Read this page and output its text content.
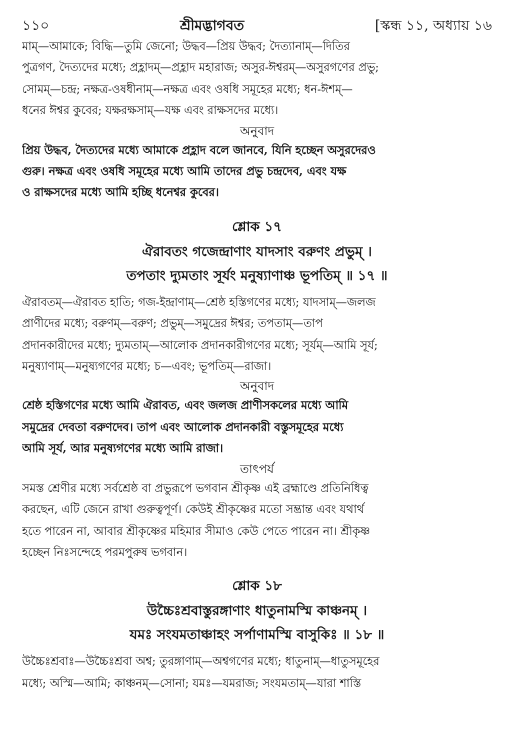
১১০	শ্রীমদ্ভাগবত	[স্কন্ধ ১১, অধ্যায় ১৬

মাম্—আমাকে; বিদ্ধি—তুমি জেনো; উদ্ধব—প্রিয় উদ্ধব; দৈত্যানাম্—দিতির

পুত্রগণ, দৈত্যদের মধ্যে; প্রহ্লাদম্—প্রহ্লাদ মহারাজ; অসুর-ঈশ্বরম্—অসুরগণের প্রভু;

সোমম্—চন্দ্র; নক্ষত্র-ওষধীনাম্—নক্ষত্র এবং ওষধি সমূহের মধ্যে; ধন-ঈশম্—

ধনের ঈশ্বর কুবের; যক্ষরক্ষসাম্—যক্ষ এবং রাক্ষসদের মধ্যে।

অনুবাদ

প্রিয় উদ্ধব, দৈত্যদের মধ্যে আমাকে প্রহ্লাদ বলে জানবে, যিনি হচ্ছেন অসুরদেরও

গুরু। নক্ষত্র এবং ওষধি সমূহের মধ্যে আমি তাদের প্রভু চন্দ্রদেব, এবং যক্ষ

ও রাক্ষসদের মধ্যে আমি হচ্ছি ধনেশ্বর কুবের।

শ্লোক ১৭

ঐরাবতং গজেন্দ্রাণাং যাদসাং বরুণং প্রভুম্ ।

তপতাং দ্যুমতাং সূর্যং মনুষ্যাণাঞ্চ ভূপতিম্ ॥ ১৭ ॥

ঐরাবতম্—ঐরাবত হাতি; গজ-ইন্দ্রাণাম্—শ্রেষ্ঠ হস্তিগণের মধ্যে; যাদসাম্—জলজ

প্রাণীদের মধ্যে; বরুণম্—বরুণ; প্রভুম্—সমুদ্রের ঈশ্বর; তপতাম্—তাপ

প্রদানকারীদের মধ্যে; দ্যুমতাম্—আলোক প্রদানকারীগণের মধ্যে; সূর্যম্—আমি সূর্য;

মনুষ্যাণাম্—মনুষ্যগণের মধ্যে; চ—এবং; ভূপতিম্—রাজা।

অনুবাদ

শ্রেষ্ঠ হস্তিগণের মধ্যে আমি ঐরাবত, এবং জলজ প্রাণীসকলের মধ্যে আমি

সমুদ্রের দেবতা বরুণদেব। তাপ এবং আলোক প্রদানকারী বস্তুসমূহের মধ্যে

আমি সূর্য, আর মনুষ্যগণের মধ্যে আমি রাজা।

তাৎপর্য

সমস্ত শ্রেণীর মধ্যে সর্বশ্রেষ্ঠ বা প্রভুরূপে ভগবান শ্রীকৃষ্ণ এই ব্রহ্মাণ্ডে প্রতিনিধিত্ব

করছেন, এটি জেনে রাখা গুরুত্বপূর্ণ। কেউই শ্রীকৃষ্ণের মতো সম্ভ্রান্ত এবং যথার্থ

হতে পারেন না, আবার শ্রীকৃষ্ণের মহিমার সীমাও কেউ পেতে পারেন না। শ্রীকৃষ্ণ

হচ্ছেন নিঃসন্দেহে পরমপুরুষ ভগবান।

শ্লোক ১৮

উচ্চৈঃশ্রবাস্তুরঙ্গাণাং ধাতুনামস্মি কাঞ্চনম্ ।

যমঃ সংযমতাঞ্চাহং সর্পাণামস্মি বাসুকিঃ ॥ ১৮ ॥

উচ্চৈঃশ্রবাঃ—উচ্চৈঃশ্রবা অশ্ব; তুরঙ্গাণাম্—অশ্বগণের মধ্যে; ধাতুনাম্—ধাতুসমূহের

মধ্যে; অস্মি—আমি; কাঞ্চনম্—সোনা; যমঃ—যমরাজ; সংযমতাম্—যারা শাস্তি
